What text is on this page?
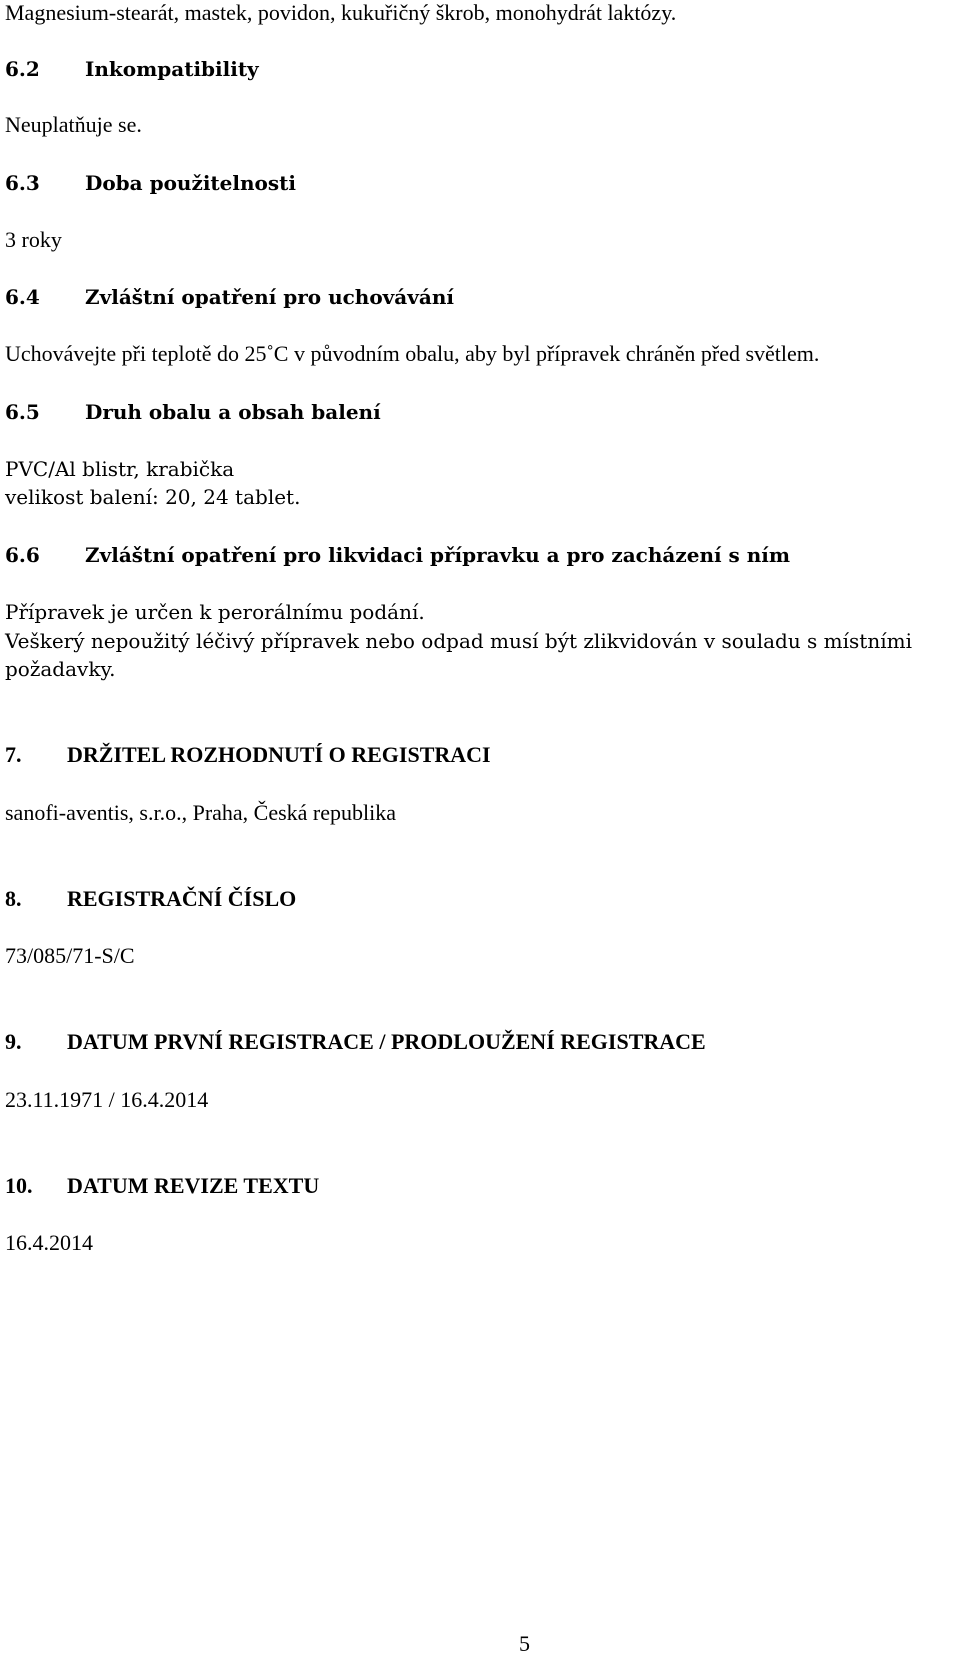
Magnesium-stearát, mastek, povidon, kukuřičný škrob, monohydrát laktózy.
6.2 Inkompatibility
Neuplatňuje se.
6.3 Doba použitelnosti
3 roky
6.4 Zvláštní opatření pro uchovávání
Uchovávejte při teplotě do 25˚C v původním obalu, aby byl přípravek chráněn před světlem.
6.5 Druh obalu a obsah balení
PVC/Al blistr, krabička
velikost balení: 20, 24 tablet.
6.6 Zvláštní opatření pro likvidaci přípravku a pro zacházení s ním
Přípravek je určen k perorálnímu podání.
Veškerý nepoužitý léčivý přípravek nebo odpad musí být zlikvidován v souladu s místními
požadavky.
7. DRŽITEL ROZHODNUTÍ O REGISTRACI
sanofi-aventis, s.r.o., Praha, Česká republika
8. REGISTRAČNÍ ČÍSLO
73/085/71-S/C
9. DATUM PRVNÍ REGISTRACE / PRODLOUŽENÍ REGISTRACE
23.11.1971 / 16.4.2014
10. DATUM REVIZE TEXTU
16.4.2014
5
